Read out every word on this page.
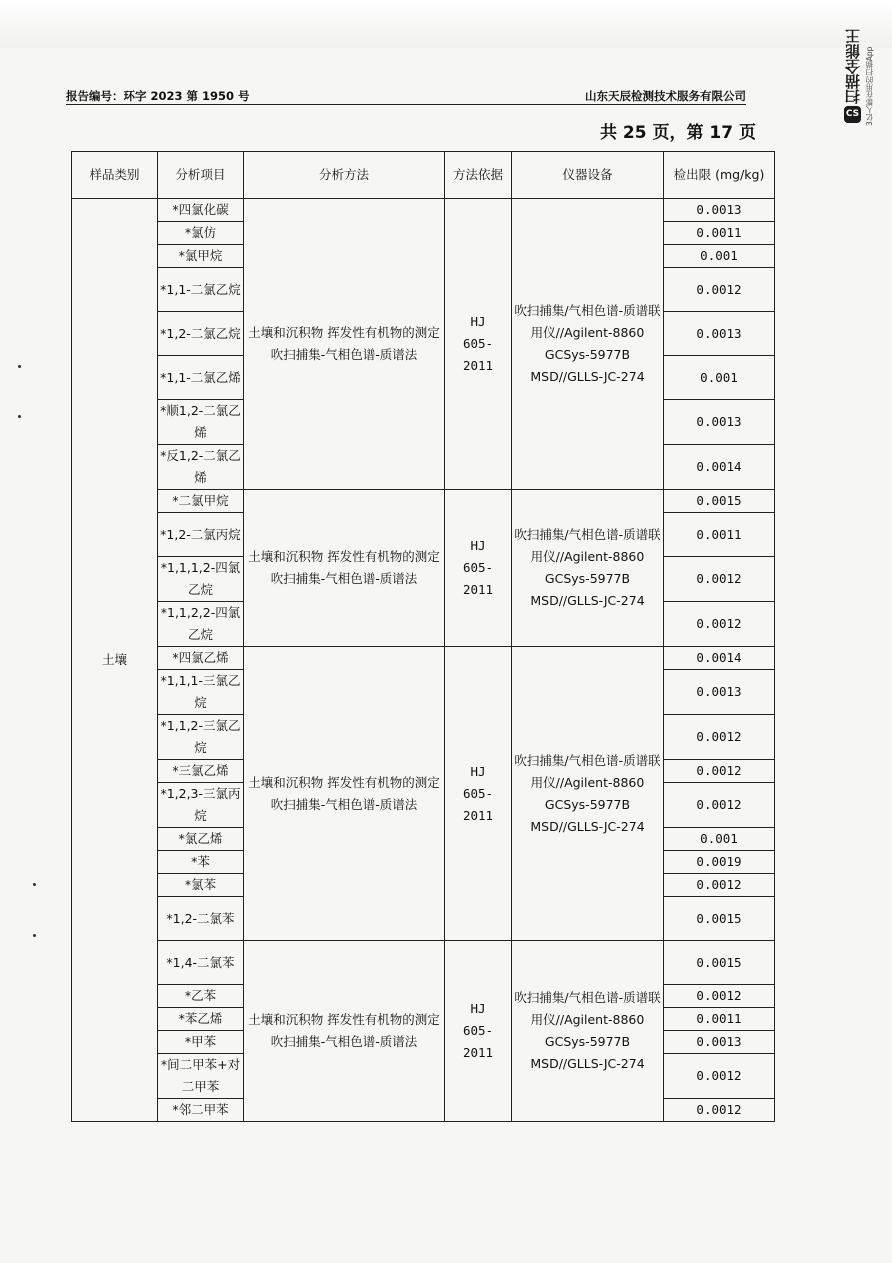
报告编号：环字 2023 第 1950 号	山东天辰检测技术服务有限公司
共 25 页，第 17 页
样品类别	分析项目	分析方法	方法依据	仪器设备	检出限 (mg/kg)
土壤	*四氯化碳	土壤和沉积物 挥发性有机物的测定 吹扫捕集-气相色谱-质谱法	HJ 605-2011	吹扫捕集/气相色谱-质谱联用仪//Agilent-8860 GCSys-5977B MSD//GLLS-JC-274	0.0013
	*氯仿				0.0011
	*氯甲烷				0.001
	*1,1-二氯乙烷				0.0012
	*1,2-二氯乙烷				0.0013
	*1,1-二氯乙烯				0.001
	*顺1,2-二氯乙烯				0.0013
	*反1,2-二氯乙烯				0.0014
	*二氯甲烷	土壤和沉积物 挥发性有机物的测定 吹扫捕集-气相色谱-质谱法	HJ 605-2011	吹扫捕集/气相色谱-质谱联用仪//Agilent-8860 GCSys-5977B MSD//GLLS-JC-274	0.0015
	*1,2-二氯丙烷				0.0011
	*1,1,1,2-四氯乙烷				0.0012
	*1,1,2,2-四氯乙烷				0.0012
	*四氯乙烯	土壤和沉积物 挥发性有机物的测定 吹扫捕集-气相色谱-质谱法	HJ 605-2011	吹扫捕集/气相色谱-质谱联用仪//Agilent-8860 GCSys-5977B MSD//GLLS-JC-274	0.0014
	*1,1,1-三氯乙烷				0.0013
	*1,1,2-三氯乙烷				0.0012
	*三氯乙烯				0.0012
	*1,2,3-三氯丙烷				0.0012
	*氯乙烯				0.001
	*苯				0.0019
	*氯苯				0.0012
	*1,2-二氯苯				0.0015
	*1,4-二氯苯	土壤和沉积物 挥发性有机物的测定 吹扫捕集-气相色谱-质谱法	HJ 605-2011	吹扫捕集/气相色谱-质谱联用仪//Agilent-8860 GCSys-5977B MSD//GLLS-JC-274	0.0015
	*乙苯				0.0012
	*苯乙烯				0.0011
	*甲苯				0.0013
	*间二甲苯+对二甲苯				0.0012
	*邻二甲苯				0.0012
扫描全能王 3亿人都在用的扫描App
CS
